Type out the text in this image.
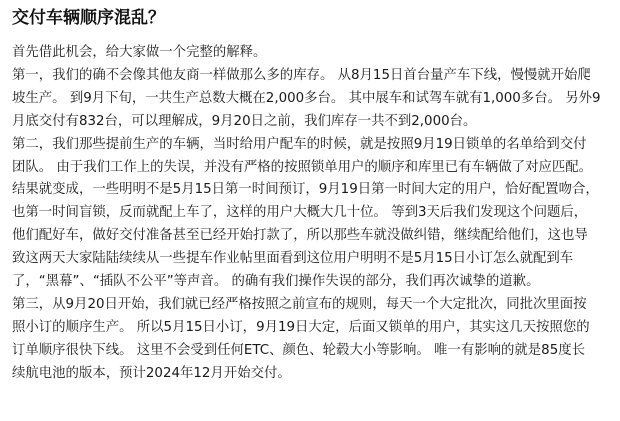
交付车辆顺序混乱？

首先借此机会，给大家做一个完整的解释。

第一，我们的确不会像其他友商一样做那么多的库存。 从8月15日首台量产车下线，慢慢就开始爬
坡生产。 到9月下旬，一共生产总数大概在2,000多台。 其中展车和试驾车就有1,000多台。 另外9
月底交付有832台，可以理解成，9月20日之前，我们库存一共不到2,000台。

第二，我们那些提前生产的车辆，当时给用户配车的时候，就是按照9月19日锁单的名单给到交付
团队。 由于我们工作上的失误，并没有严格的按照锁单用户的顺序和库里已有车辆做了对应匹配。
结果就变成，一些明明不是5月15日第一时间预订，9月19日第一时间大定的用户，恰好配置吻合，
也第一时间盲锁，反而就配上车了，这样的用户大概大几十位。 等到3天后我们发现这个问题后，
他们配好车，做好交付准备甚至已经开始打款了，所以那些车就没做纠错，继续配给他们，这也导
致这两天大家陆陆续续从一些提车作业帖里面看到这位用户明明不是5月15日小订怎么就配到车
了，“黑幕”、“插队不公平”等声音。 的确有我们操作失误的部分，我们再次诚挚的道歉。

第三，从9月20日开始，我们就已经严格按照之前宣布的规则，每天一个大定批次，同批次里面按
照小订的顺序生产。 所以5月15日小订，9月19日大定，后面又锁单的用户，其实这几天按照您的
订单顺序很快下线。 这里不会受到任何ETC、颜色、轮毂大小等影响。 唯一有影响的就是85度长
续航电池的版本，预计2024年12月开始交付。
